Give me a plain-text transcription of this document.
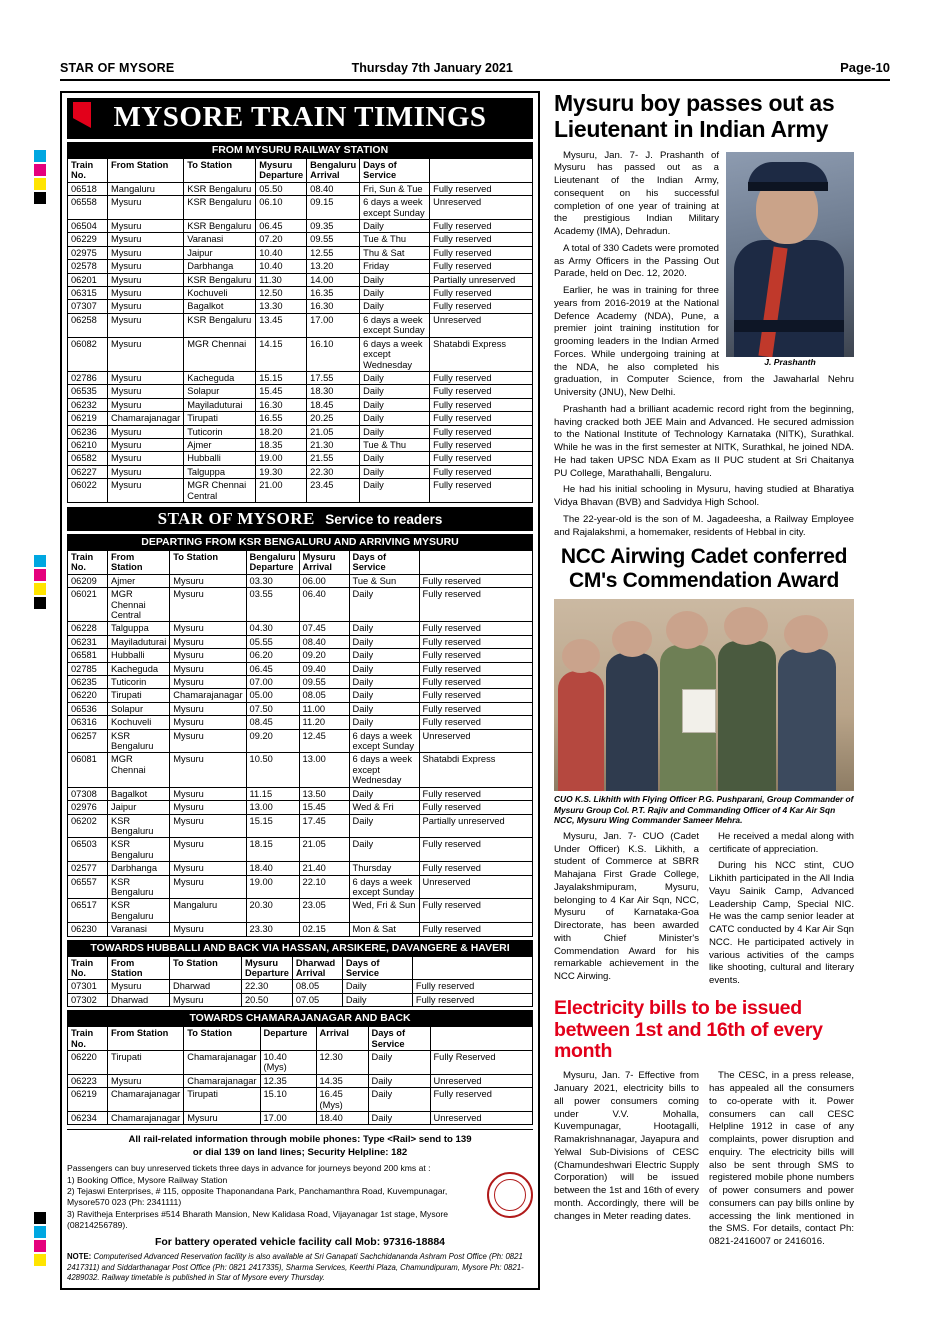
STAR OF MYSORE	Thursday 7th January 2021	Page-10
MYSORE TRAIN TIMINGS
FROM MYSURU RAILWAY STATION
Train No.	From Station	To Station	Mysuru Departure	Bengaluru Arrival	Days of Service	
06518	Mangaluru	KSR Bengaluru	05.50	08.40	Fri, Sun & Tue	Fully reserved
06558	Mysuru	KSR Bengaluru	06.10	09.15	6 days a week except Sunday	Unreserved
06504	Mysuru	KSR Bengaluru	06.45	09.35	Daily	Fully reserved
06229	Mysuru	Varanasi	07.20	09.55	Tue & Thu	Fully reserved
02975	Mysuru	Jaipur	10.40	12.55	Thu & Sat	Fully reserved
02578	Mysuru	Darbhanga	10.40	13.20	Friday	Fully reserved
06201	Mysuru	KSR Bengaluru	11.30	14.00	Daily	Partially unreserved
06315	Mysuru	Kochuveli	12.50	16.35	Daily	Fully reserved
07307	Mysuru	Bagalkot	13.30	16.30	Daily	Fully reserved
06258	Mysuru	KSR Bengaluru	13.45	17.00	6 days a week except Sunday	Unreserved
06082	Mysuru	MGR Chennai	14.15	16.10	6 days a week except Wednesday	Shatabdi Express
02786	Mysuru	Kacheguda	15.15	17.55	Daily	Fully reserved
06535	Mysuru	Solapur	15.45	18.30	Daily	Fully reserved
06232	Mysuru	Mayiladuturai	16.30	18.45	Daily	Fully reserved
06219	Chamarajanagar	Tirupati	16.55	20.25	Daily	Fully reserved
06236	Mysuru	Tuticorin	18.20	21.05	Daily	Fully reserved
06210	Mysuru	Ajmer	18.35	21.30	Tue & Thu	Fully reserved
06582	Mysuru	Hubballi	19.00	21.55	Daily	Fully reserved
06227	Mysuru	Talguppa	19.30	22.30	Daily	Fully reserved
06022	Mysuru	MGR Chennai Central	21.00	23.45	Daily	Fully reserved
STAR OF MYSORE Service to readers
DEPARTING FROM KSR BENGALURU AND ARRIVING MYSURU
Train No.	From Station	To Station	Bengaluru Departure	Mysuru Arrival	Days of Service	
06209	Ajmer	Mysuru	03.30	06.00	Tue & Sun	Fully reserved
06021	MGR Chennai Central	Mysuru	03.55	06.40	Daily	Fully reserved
06228	Talguppa	Mysuru	04.30	07.45	Daily	Fully reserved
06231	Mayiladuturai	Mysuru	05.55	08.40	Daily	Fully reserved
06581	Hubballi	Mysuru	06.20	09.20	Daily	Fully reserved
02785	Kacheguda	Mysuru	06.45	09.40	Daily	Fully reserved
06235	Tuticorin	Mysuru	07.00	09.55	Daily	Fully reserved
06220	Tirupati	Chamarajanagar	05.00	08.05	Daily	Fully reserved
06536	Solapur	Mysuru	07.50	11.00	Daily	Fully reserved
06316	Kochuveli	Mysuru	08.45	11.20	Daily	Fully reserved
06257	KSR Bengaluru	Mysuru	09.20	12.45	6 days a week except Sunday	Unreserved
06081	MGR Chennai	Mysuru	10.50	13.00	6 days a week except Wednesday	Shatabdi Express
07308	Bagalkot	Mysuru	11.15	13.50	Daily	Fully reserved
02976	Jaipur	Mysuru	13.00	15.45	Wed & Fri	Fully reserved
06202	KSR Bengaluru	Mysuru	15.15	17.45	Daily	Partially unreserved
06503	KSR Bengaluru	Mysuru	18.15	21.05	Daily	Fully reserved
02577	Darbhanga	Mysuru	18.40	21.40	Thursday	Fully reserved
06557	KSR Bengaluru	Mysuru	19.00	22.10	6 days a week except Sunday	Unreserved
06517	KSR Bengaluru	Mangaluru	20.30	23.05	Wed, Fri & Sun	Fully reserved
06230	Varanasi	Mysuru	23.30	02.15	Mon & Sat	Fully reserved
TOWARDS HUBBALLI AND BACK VIA HASSAN, ARSIKERE, DAVANGERE & HAVERI
Train No.	From Station	To Station	Mysuru Departure	Dharwad Arrival	Days of Service	
07301	Mysuru	Dharwad	22.30	08.05	Daily	Fully reserved
07302	Dharwad	Mysuru	20.50	07.05	Daily	Fully reserved
TOWARDS CHAMARAJANAGAR AND BACK
Train No.	From Station	To Station	Departure	Arrival	Days of Service	
06220	Tirupati	Chamarajanagar	10.40 (Mys)	12.30	Daily	Fully Reserved
06223	Mysuru	Chamarajanagar	12.35	14.35	Daily	Unreserved
06219	Chamarajanagar	Tirupati	15.10	16.45 (Mys)	Daily	Fully reserved
06234	Chamarajanagar	Mysuru	17.00	18.40	Daily	Unreserved
All rail-related information through mobile phones: Type <Rail> send to 139
or dial 139 on land lines; Security Helpline: 182
Passengers can buy unreserved tickets three days in advance for journeys beyond 200 kms at :
1) Booking Office, Mysore Railway Station
2) Tejaswi Enterprises, # 115, opposite Thaponandana Park, Panchamanthra Road, Kuvempunagar, Mysore570 023 (Ph: 2341111)
3) Ravitheja Enterprises #514 Bharath Mansion, New Kalidasa Road, Vijayanagar 1st stage, Mysore (08214256789).
For battery operated vehicle facility call Mob: 97316-18884
NOTE: Computerised Advanced Reservation facility is also available at Sri Ganapati Sachchidananda Ashram Post Office (Ph: 0821 2417311) and Siddarthanagar Post Office (Ph: 0821 2417335), Sharma Services, Keerthi Plaza, Chamundipuram, Mysore Ph: 0821-4289032. Railway timetable is published in Star of Mysore every Thursday.
Mysuru boy passes out as Lieutenant in Indian Army
J. Prashanth

Mysuru, Jan. 7- J. Prashanth of Mysuru has passed out as a Lieutenant of the Indian Army, consequent on his successful completion of one year of training at the prestigious Indian Military Academy (IMA), Dehradun.

A total of 330 Cadets were promoted as Army Officers in the Passing Out Parade, held on Dec. 12, 2020.

Earlier, he was in training for three years from 2016-2019 at the National Defence Academy (NDA), Pune, a premier joint training institution for grooming leaders in the Indian Armed Forces. While undergoing training at the NDA, he also completed his graduation, in Computer Science, from the Jawaharlal Nehru University (JNU), New Delhi.

Prashanth had a brilliant academic record right from the beginning, having cracked both JEE Main and Advanced. He secured admission to the National Institute of Technology Karnataka (NITK), Surathkal. While he was in the first semester at NITK, Surathkal, he joined NDA. He had taken UPSC NDA Exam as II PUC student at Sri Chaitanya PU College, Marathahalli, Bengaluru.

He had his initial schooling in Mysuru, having studied at Bharatiya Vidya Bhavan (BVB) and Sadvidya High School.

The 22-year-old is the son of M. Jagadeesha, a Railway Employee and Rajalakshmi, a homemaker, residents of Hebbal in city.

NCC Airwing Cadet conferred CM's Commendation Award
CUO K.S. Likhith with Flying Officer P.G. Pushparani, Group Commander of Mysuru Group Col. P.T. Rajiv and Commanding Officer of 4 Kar Air Sqn NCC, Mysuru Wing Commander Sameer Mehra.

Mysuru, Jan. 7- CUO (Cadet Under Officer) K.S. Likhith, a student of Commerce at SBRR Mahajana First Grade College, Jayalakshmipuram, Mysuru, belonging to 4 Kar Air Sqn, NCC, Mysuru of Karnataka-Goa Directorate, has been awarded with Chief Minister's Commendation Award for his remarkable achievement in the NCC Airwing.

He received a medal along with certificate of appreciation.

During his NCC stint, CUO Likhith participated in the All India Vayu Sainik Camp, Advanced Leadership Camp, Special NIC. He was the camp senior leader at CATC conducted by 4 Kar Air Sqn NCC. He participated actively in various activities of the camps like shooting, cultural and literary events.

Electricity bills to be issued between 1st and 16th of every month

Mysuru, Jan. 7- Effective from January 2021, electricity bills to all power consumers coming under V.V. Mohalla, Kuvempunagar, Hootagalli, Ramakrishnanagar, Jayapura and Yelwal Sub-Divisions of CESC (Chamundeshwari Electric Supply Corporation) will be issued between the 1st and 16th of every month. Accordingly, there will be changes in Meter reading dates.

The CESC, in a press release, has appealed all the consumers to co-operate with it. Power consumers can call CESC Helpline 1912 in case of any complaints, power disruption and enquiry. The electricity bills will also be sent through SMS to registered mobile phone numbers of power consumers and power consumers can pay bills online by accessing the link mentioned in the SMS. For details, contact Ph: 0821-2416007 or 2416016.
